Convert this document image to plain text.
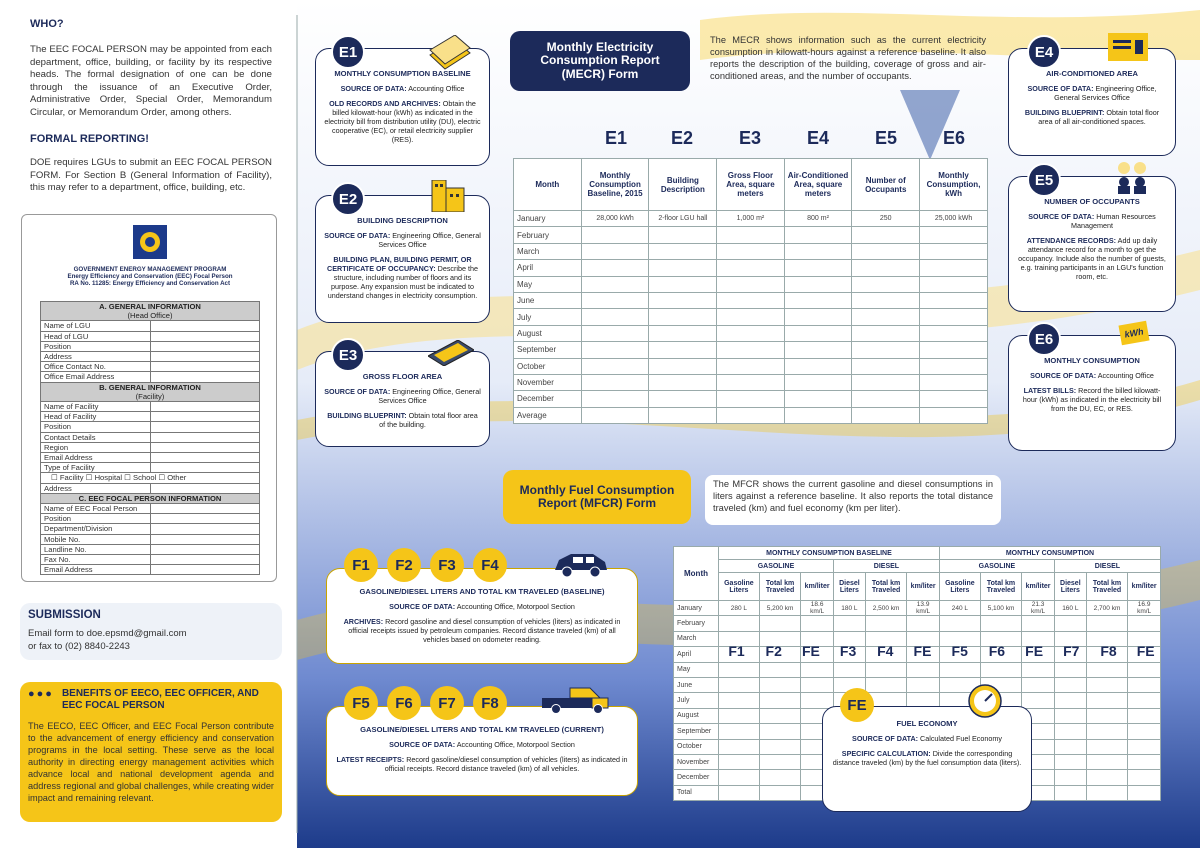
WHO?
The EEC FOCAL PERSON may be appointed from each department, office, building, or facility by its respective heads. The formal designation of one can be done through the issuance of an Executive Order, Administrative Order, Special Order, Memorandum Circular, or Memorandum Order, among others.
FORMAL REPORTING!
DOE requires LGUs to submit an EEC FOCAL PERSON FORM. For Section B (General Information of Facility), this may refer to a department, office, building, etc.
GOVERNMENT ENERGY MANAGEMENT PROGRAM
Energy Efficiency and Conservation (EEC) Focal Person
RA No. 11285: Energy Efficiency and Conservation Act
A. GENERAL INFORMATION
(Head Office)	

Name of LGU	
Head of LGU	
Position	
Address	
Office Contact No.	
Office Email Address	

B. GENERAL INFORMATION
(Facility)	

Name of Facility	
Head of Facility	
Position	
Contact Details	
Region	
Email Address	
Type of Facility	
☐ Facility ☐ Hospital ☐ School ☐ Other	
Address	

C. EEC FOCAL PERSON INFORMATION	

Name of EEC Focal Person	
Position	
Department/Division	
Mobile No.	
Landline No.	
Fax No.	
Email Address	
SUBMISSION
Email form to doe.epsmd@gmail.com
or fax to (02) 8840-2243
●●● BENEFITS OF EECO, EEC OFFICER, AND EEC FOCAL PERSON
The EECO, EEC Officer, and EEC Focal Person contribute to the advancement of energy efficiency and conservation programs in the local setting. These serve as the local authority in directing energy management activities which advance local and national development agenda and address regional and global challenges, while creating wider impact and remaining relevant.
Monthly Electricity Consumption Report (MECR) Form
The MECR shows information such as the current electricity consumption in kilowatt-hours against a reference baseline. It also reports the description of the building, coverage of gross and air-conditioned areas, and the number of occupants.
E1	E2	E3	E4	E5	E6
Month	Monthly Consumption Baseline, 2015	Building Description	Gross Floor Area, square meters	Air-Conditioned Area, square meters	Number of Occupants	Monthly Consumption, kWh
January	28,000 kWh	2-floor LGU hall	1,000 m²	800 m²	250	25,000 kWh
February						
March						
April						
May						
June						
July						
August						
September						
October						
November						
December						
Average						
MONTHLY CONSUMPTION BASELINE
SOURCE OF DATA: Accounting Office
OLD RECORDS AND ARCHIVES: Obtain the billed kilowatt-hour (kWh) as indicated in the electricity bill from distribution utility (DU), electric cooperative (EC), or retail electricity supplier (RES).
E1
BUILDING DESCRIPTION
SOURCE OF DATA: Engineering Office, General Services Office
BUILDING PLAN, BUILDING PERMIT, OR CERTIFICATE OF OCCUPANCY: Describe the structure, including number of floors and its purpose. Any expansion must be indicated to understand changes in electricity consumption.
E2
GROSS FLOOR AREA
SOURCE OF DATA: Engineering Office, General Services Office
BUILDING BLUEPRINT: Obtain total floor area of the building.
E3
AIR-CONDITIONED AREA
SOURCE OF DATA: Engineering Office, General Services Office
BUILDING BLUEPRINT: Obtain total floor area of all air-conditioned spaces.
E4
NUMBER OF OCCUPANTS
SOURCE OF DATA: Human Resources Management
ATTENDANCE RECORDS: Add up daily attendance record for a month to get the occupancy. Include also the number of guests, e.g. training participants in an LGU's function room, etc.
E5
MONTHLY CONSUMPTION
SOURCE OF DATA: Accounting Office
LATEST BILLS: Record the billed kilowatt-hour (kWh) as indicated in the electricity bill from the DU, EC, or RES.
E6	kWh
Monthly Fuel Consumption Report (MFCR) Form
The MFCR shows the current gasoline and diesel consumptions in liters against a reference baseline. It also reports the total distance traveled (km) and fuel economy (km per liter).
Month	MONTHLY CONSUMPTION BASELINE						MONTHLY CONSUMPTION					
	GASOLINE			DIESEL			GASOLINE			DIESEL		
	Gasoline Liters	Total km Traveled	km/liter	Diesel Liters	Total km Traveled	km/liter	Gasoline Liters	Total km Traveled	km/liter	Diesel Liters	Total km Traveled	km/liter
January	280 L	5,200 km	18.6 km/L	180 L	2,500 km	13.9 km/L	240 L	5,100 km	21.3 km/L	160 L	2,700 km	16.9 km/L
February												
March												
April												
May												
June												
July												
August												
September												
October												
November												
December												
Total												
F1	F2	FE	F3	F4	FE	F5	F6	FE	F7	F8	FE
GASOLINE/DIESEL LITERS AND TOTAL KM TRAVELED (BASELINE)
SOURCE OF DATA: Accounting Office, Motorpool Section
ARCHIVES: Record gasoline and diesel consumption of vehicles (liters) as indicated in official receipts issued by petroleum companies. Record distance traveled (km) of all vehicles based on odometer reading.
F1	F2	F3	F4
GASOLINE/DIESEL LITERS AND TOTAL KM TRAVELED (CURRENT)
SOURCE OF DATA: Accounting Office, Motorpool Section
LATEST RECEIPTS: Record gasoline/diesel consumption of vehicles (liters) as indicated in official receipts. Record distance traveled (km) of all vehicles.
F5	F6	F7	F8
FUEL ECONOMY
SOURCE OF DATA: Calculated Fuel Economy
SPECIFIC CALCULATION: Divide the corresponding distance traveled (km) by the fuel consumption data (liters).
FE
